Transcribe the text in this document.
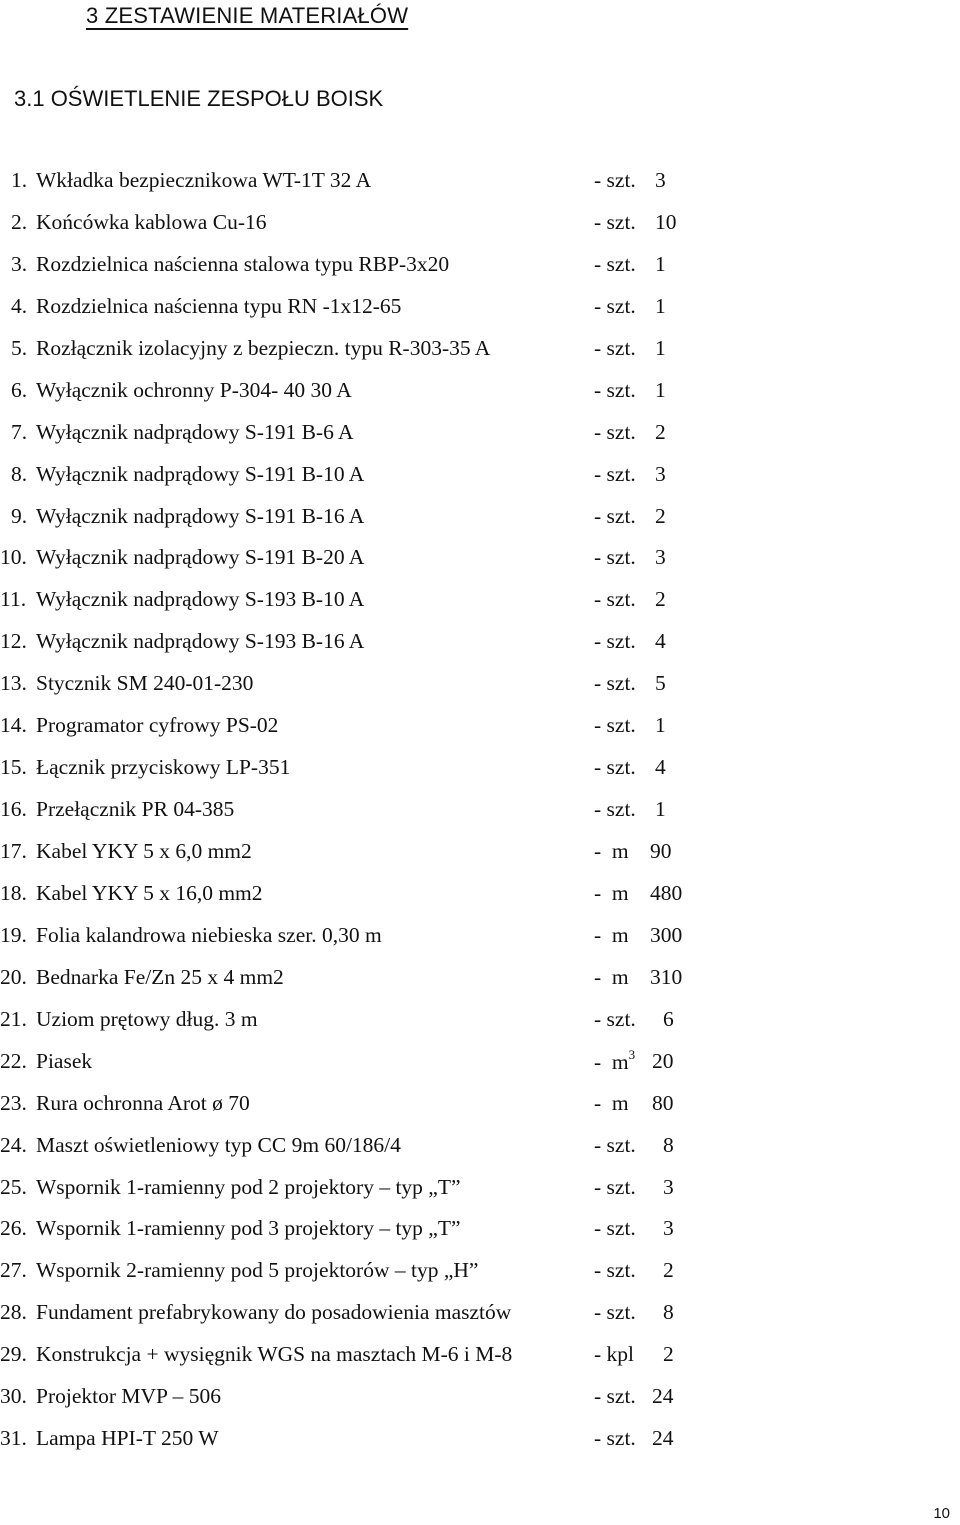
3 ZESTAWIENIE MATERIAŁÓW
3.1 OŚWIETLENIE ZESPOŁU BOISK
1. Wkładka bezpiecznikowa WT-1T 32 A	- szt. 3
2. Końcówka kablowa Cu-16	- szt. 10
3. Rozdzielnica naścienna stalowa typu RBP-3x20	- szt. 1
4. Rozdzielnica naścienna typu RN -1x12-65	- szt. 1
5. Rozłącznik izolacyjny z bezpieczn. typu R-303-35 A	- szt. 1
6. Wyłącznik ochronny P-304- 40 30 A	- szt. 1
7. Wyłącznik nadprądowy S-191 B-6 A	- szt. 2
8. Wyłącznik nadprądowy S-191 B-10 A	- szt. 3
9. Wyłącznik nadprądowy S-191 B-16 A	- szt. 2
10. Wyłącznik nadprądowy S-191 B-20 A	- szt. 3
11. Wyłącznik nadprądowy S-193 B-10 A	- szt. 2
12. Wyłącznik nadprądowy S-193 B-16 A	- szt. 4
13. Stycznik SM 240-01-230	- szt. 5
14. Programator cyfrowy PS-02	- szt. 1
15. Łącznik przyciskowy LP-351	- szt. 4
16. Przełącznik PR 04-385	- szt. 1
17. Kabel YKY 5 x 6,0 mm2	-  m 90
18. Kabel YKY 5 x 16,0 mm2	-  m 480
19. Folia kalandrowa niebieska szer. 0,30 m	-  m 300
20. Bednarka Fe/Zn 25 x 4 mm2	-  m 310
21. Uziom prętowy dług. 3 m	- szt. 6
22. Piasek	-  $m^3$ 20
23. Rura ochronna Arot ø 70	-  m 80
24. Maszt oświetleniowy typ CC 9m 60/186/4	- szt. 8
25. Wspornik 1-ramienny pod 2 projektory – typ „T”	- szt. 3
26. Wspornik 1-ramienny pod 3 projektory – typ „T”	- szt. 3
27. Wspornik 2-ramienny pod 5 projektorów – typ „H”	- szt. 2
28. Fundament prefabrykowany do posadowienia masztów	- szt. 8
29. Konstrukcja + wysięgnik WGS na masztach M-6 i M-8	- kpl 2
30. Projektor MVP – 506	- szt. 24
31. Lampa HPI-T 250 W	- szt. 24
10
